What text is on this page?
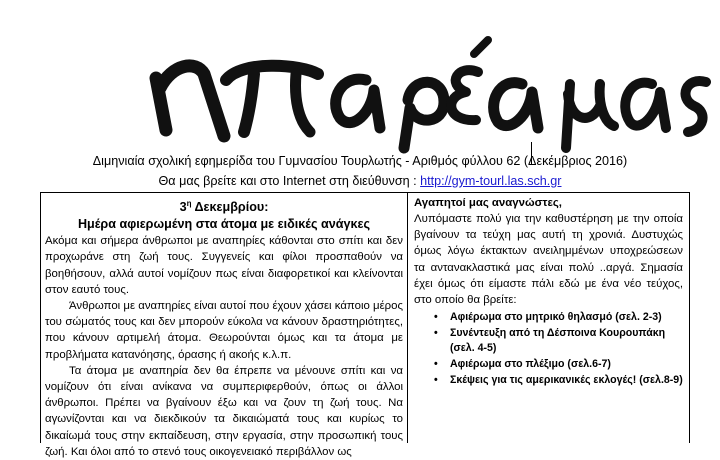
Διμηνιαία σχολική εφημερίδα του Γυμνασίου Τουρλωτής - Αριθμός φύλλου 62 (Δεκέμβριος 2016)
Θα μας βρείτε και στο Internet στη διεύθυνση : http://gym-tourl.las.sch.gr
$3^\eta$ Δεκεμβρίου:
Ημέρα αφιερωμένη στα άτομα με ειδικές ανάγκες

Ακόμα και σήμερα άνθρωποι με αναπηρίες κάθονται στο σπίτι και δεν προχωράνε στη ζωή τους. Συγγενείς και φίλοι προσπαθούν να βοηθήσουν, αλλά αυτοί νομίζουν πως είναι διαφορετικοί και κλείνονται στον εαυτό τους.

Άνθρωποι με αναπηρίες είναι αυτοί που έχουν χάσει κάποιο μέρος του σώματός τους και δεν μπορούν εύκολα να κάνουν δραστηριότητες, που κάνουν αρτιμελή άτομα. Θεωρούνται όμως και τα άτομα με προβλήματα κατανόησης, όρασης ή ακοής κ.λ.π.

Τα άτομα με αναπηρία δεν θα έπρεπε να μένουνε σπίτι και να νομίζουν ότι είναι ανίκανα να συμπεριφερθούν, όπως οι άλλοι άνθρωποι. Πρέπει να βγαίνουν έξω και να ζουν τη ζωή τους. Να αγωνίζονται και να διεκδικούν τα δικαιώματά τους και κυρίως το δικαίωμά τους στην εκπαίδευση, στην εργασία, στην προσωπική τους ζωή. Και όλοι από το στενό τους οικογενειακό περιβάλλον ως

Αγαπητοί μας αναγνώστες,

Λυπόμαστε πολύ για την καθυστέρηση με την οποία βγαίνουν τα τεύχη μας αυτή τη χρονιά. Δυστυχώς όμως λόγω έκτακτων ανειλημμένων υποχρεώσεων τα αντανακλαστικά μας είναι πολύ ..αργά. Σημασία έχει όμως ότι είμαστε πάλι εδώ με ένα νέο τεύχος, στο οποίο θα βρείτε:

• Αφιέρωμα στο μητρικό θηλασμό (σελ. 2-3)
• Συνέντευξη από τη Δέσποινα Κουρουπάκη (σελ. 4-5)
• Αφιέρωμα στο πλέξιμο (σελ.6-7)
• Σκέψεις για τις αμερικανικές εκλογές! (σελ.8-9)
